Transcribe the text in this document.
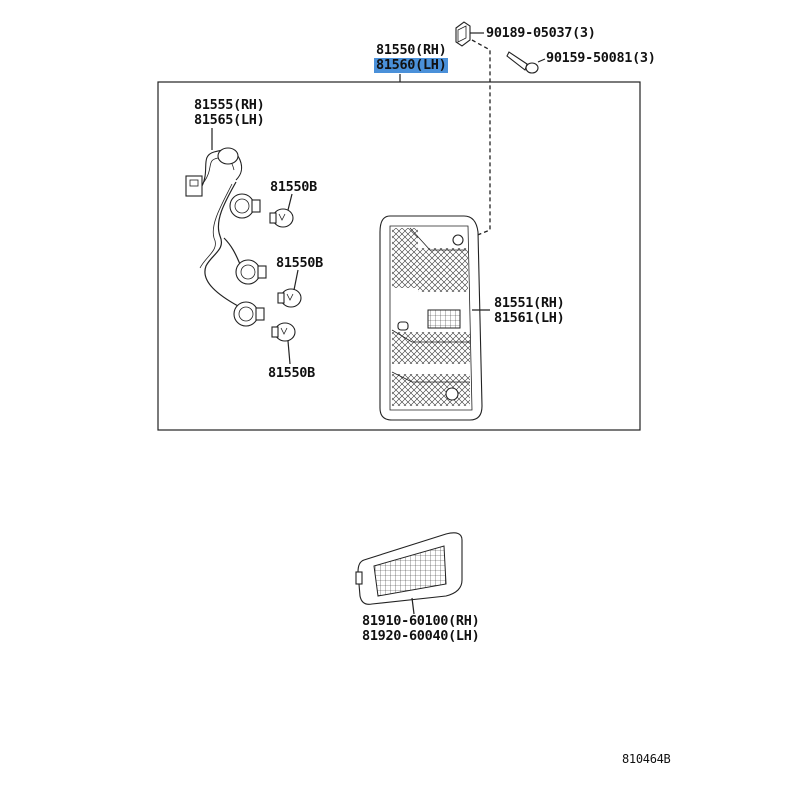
81550(RH)
81560(LH)
90189-05037(3)
90159-50081(3)
81555(RH)
81565(LH)
81550B
81550B
81550B
81551(RH)
81561(LH)
81910-60100(RH)
81920-60040(LH)
810464B
